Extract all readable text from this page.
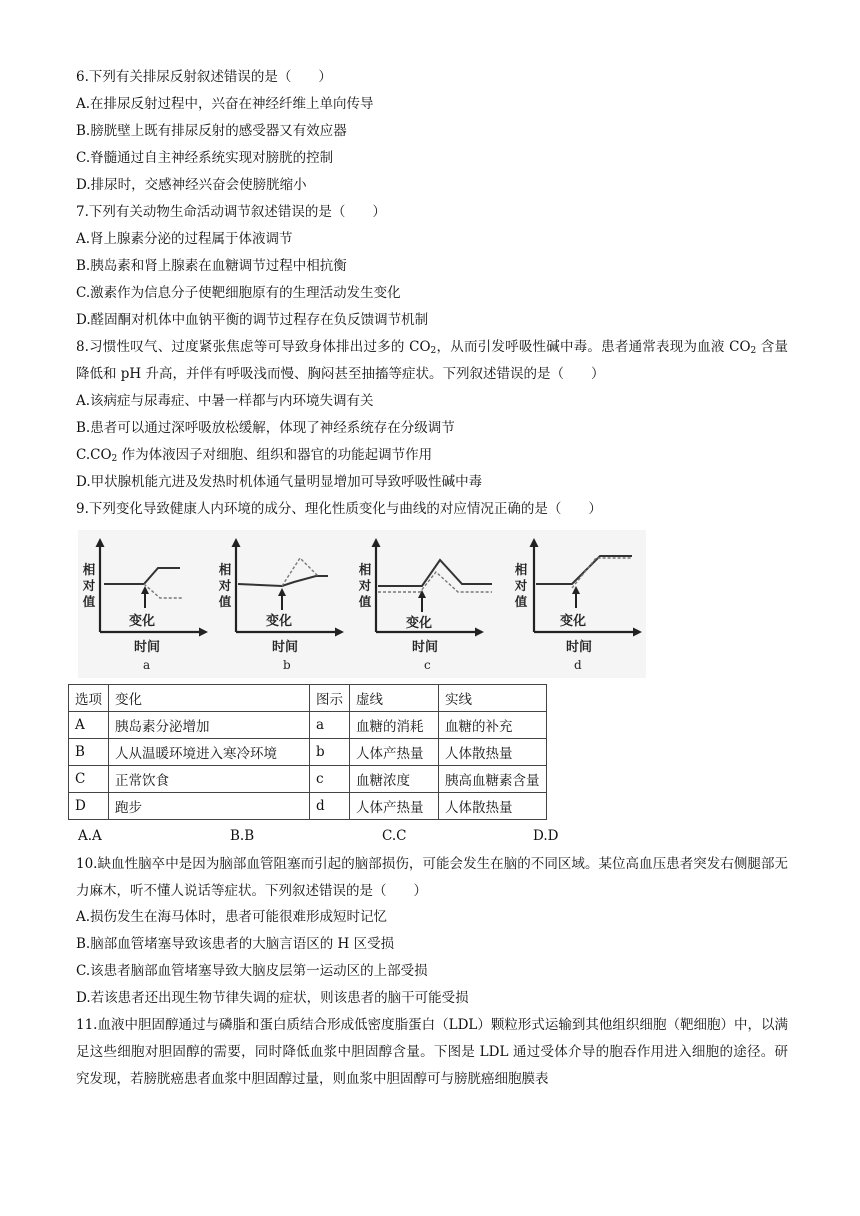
6.下列有关排尿反射叙述错误的是（　　）
A.在排尿反射过程中，兴奋在神经纤维上单向传导
B.膀胱壁上既有排尿反射的感受器又有效应器
C.脊髓通过自主神经系统实现对膀胱的控制
D.排尿时，交感神经兴奋会使膀胱缩小
7.下列有关动物生命活动调节叙述错误的是（　　）
A.肾上腺素分泌的过程属于体液调节
B.胰岛素和肾上腺素在血糖调节过程中相抗衡
C.激素作为信息分子使靶细胞原有的生理活动发生变化
D.醛固酮对机体中血钠平衡的调节过程存在负反馈调节机制
8.习惯性叹气、过度紧张焦虑等可导致身体排出过多的 $CO_2$，从而引发呼吸性碱中毒。患者通常表现为血液 $CO_2$ 含量降低和 pH 升高，并伴有呼吸浅而慢、胸闷甚至抽搐等症状。下列叙述错误的是（　　）
A.该病症与尿毒症、中暑一样都与内环境失调有关
B.患者可以通过深呼吸放松缓解，体现了神经系统存在分级调节
$C.CO_2$ 作为体液因子对细胞、组织和器官的功能起调节作用
D.甲状腺机能亢进及发热时机体通气量明显增加可导致呼吸性碱中毒
9.下列变化导致健康人内环境的成分、理化性质变化与曲线的对应情况正确的是（　　）
相
对
值
变化
时间
a
相
对
值
变化
时间
b
相
对
值
变化
时间
c
相
对
值
变化
时间
d
选项	变化	图示	虚线	实线
A	胰岛素分泌增加	a	血糖的消耗	血糖的补充
B	人从温暖环境进入寒冷环境	b	人体产热量	人体散热量
C	正常饮食	c	血糖浓度	胰高血糖素含量
D	跑步	d	人体产热量	人体散热量
A.A	B.B	C.C	D.D
10.缺血性脑卒中是因为脑部血管阻塞而引起的脑部损伤，可能会发生在脑的不同区域。某位高血压患者突发右侧腿部无力麻木，听不懂人说话等症状。下列叙述错误的是（　　）
A.损伤发生在海马体时，患者可能很难形成短时记忆
B.脑部血管堵塞导致该患者的大脑言语区的 H 区受损
C.该患者脑部血管堵塞导致大脑皮层第一运动区的上部受损
D.若该患者还出现生物节律失调的症状，则该患者的脑干可能受损
11.血液中胆固醇通过与磷脂和蛋白质结合形成低密度脂蛋白（LDL）颗粒形式运输到其他组织细胞（靶细胞）中，以满足这些细胞对胆固醇的需要，同时降低血浆中胆固醇含量。下图是 LDL 通过受体介导的胞吞作用进入细胞的途径。研究发现，若膀胱癌患者血浆中胆固醇过量，则血浆中胆固醇可与膀胱癌细胞膜表
